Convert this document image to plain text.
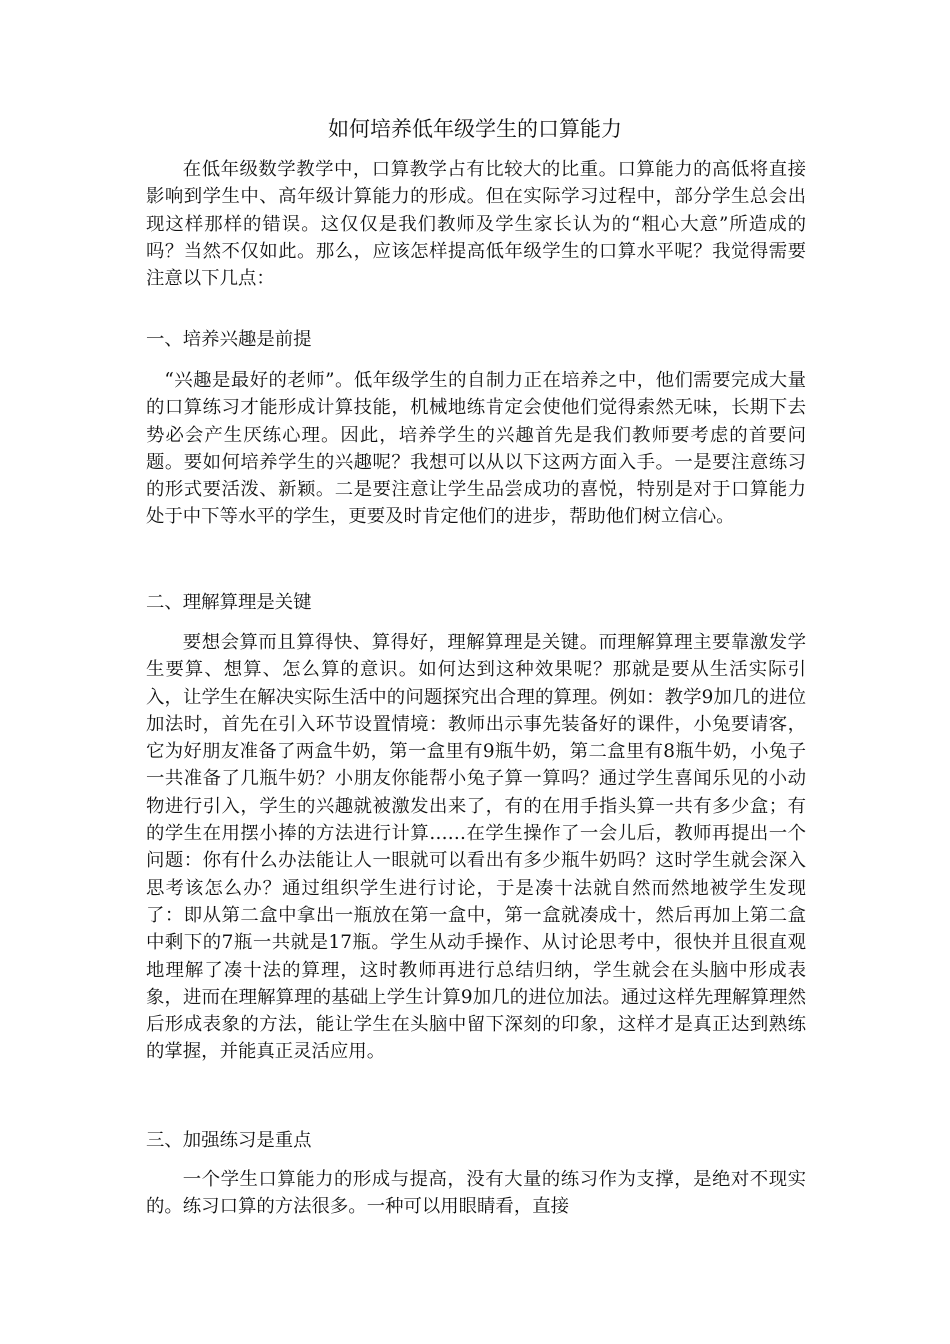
如何培养低年级学生的口算能力

在低年级数学教学中，口算教学占有比较大的比重。口算能力的高低将直接影响到学生中、高年级计算能力的形成。但在实际学习过程中，部分学生总会出现这样那样的错误。这仅仅是我们教师及学生家长认为的“粗心大意”所造成的吗？当然不仅如此。那么，应该怎样提高低年级学生的口算水平呢？我觉得需要注意以下几点：

一、培养兴趣是前提

“兴趣是最好的老师”。低年级学生的自制力正在培养之中，他们需要完成大量的口算练习才能形成计算技能，机械地练肯定会使他们觉得索然无味，长期下去势必会产生厌练心理。因此，培养学生的兴趣首先是我们教师要考虑的首要问题。要如何培养学生的兴趣呢？我想可以从以下这两方面入手。一是要注意练习的形式要活泼、新颖。二是要注意让学生品尝成功的喜悦，特别是对于口算能力处于中下等水平的学生，更要及时肯定他们的进步，帮助他们树立信心。

二、理解算理是关键

要想会算而且算得快、算得好，理解算理是关键。而理解算理主要靠激发学生要算、想算、怎么算的意识。如何达到这种效果呢？那就是要从生活实际引入，让学生在解决实际生活中的问题探究出合理的算理。例如：教学9加几的进位加法时，首先在引入环节设置情境：教师出示事先装备好的课件，小兔要请客，它为好朋友准备了两盒牛奶，第一盒里有9瓶牛奶，第二盒里有8瓶牛奶，小兔子一共准备了几瓶牛奶？小朋友你能帮小兔子算一算吗？通过学生喜闻乐见的小动物进行引入，学生的兴趣就被激发出来了，有的在用手指头算一共有多少盒；有的学生在用摆小捧的方法进行计算……在学生操作了一会儿后，教师再提出一个问题：你有什么办法能让人一眼就可以看出有多少瓶牛奶吗？这时学生就会深入思考该怎么办？通过组织学生进行讨论，于是凑十法就自然而然地被学生发现了：即从第二盒中拿出一瓶放在第一盒中，第一盒就凑成十，然后再加上第二盒中剩下的7瓶一共就是17瓶。学生从动手操作、从讨论思考中，很快并且很直观地理解了凑十法的算理，这时教师再进行总结归纳，学生就会在头脑中形成表象，进而在理解算理的基础上学生计算9加几的进位加法。通过这样先理解算理然后形成表象的方法，能让学生在头脑中留下深刻的印象，这样才是真正达到熟练的掌握，并能真正灵活应用。

三、加强练习是重点

一个学生口算能力的形成与提高，没有大量的练习作为支撑，是绝对不现实的。练习口算的方法很多。一种可以用眼睛看，直接
